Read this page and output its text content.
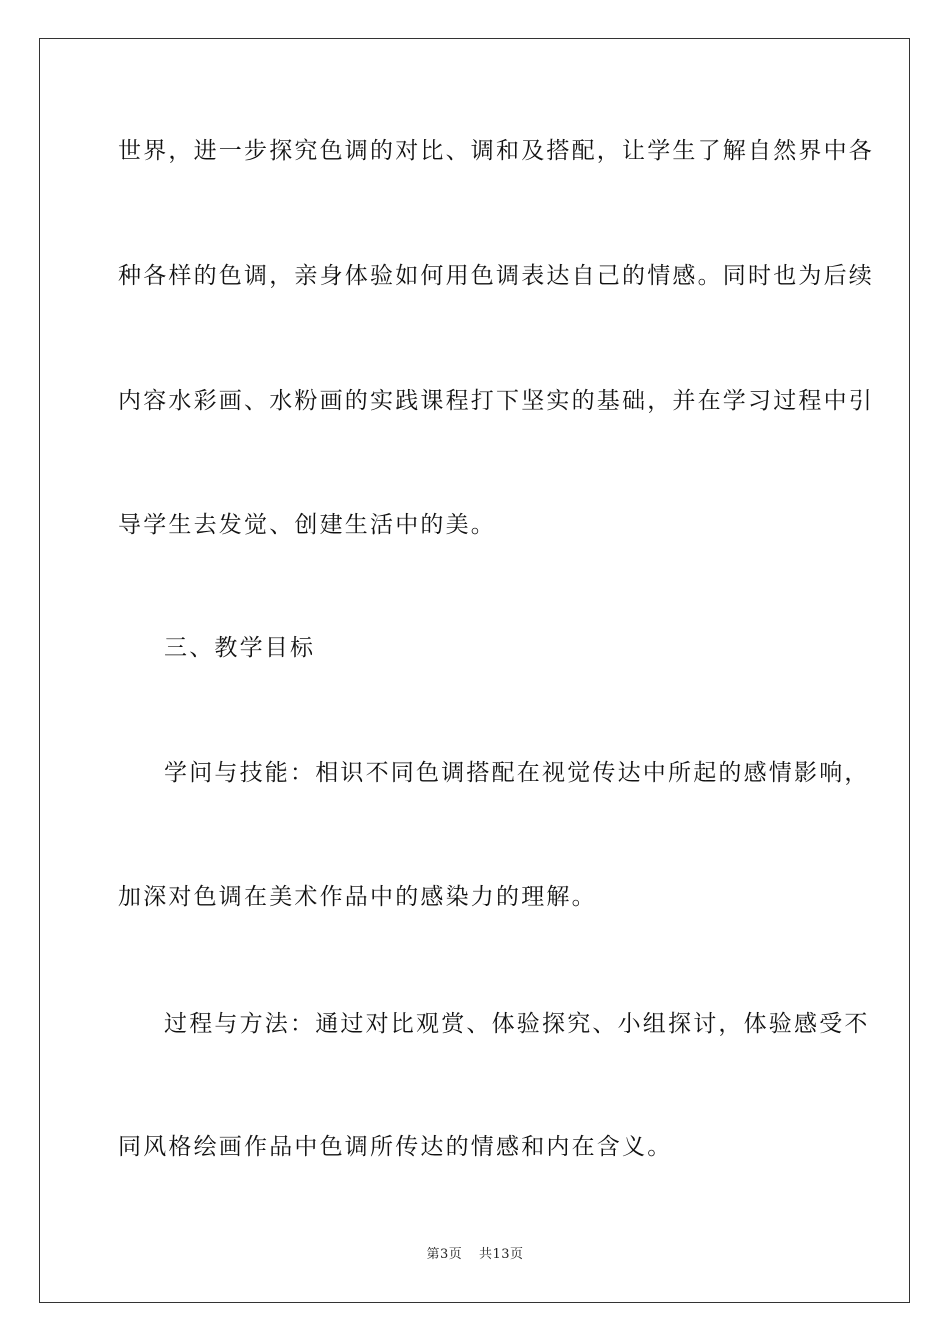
世界，进一步探究色调的对比、调和及搭配，让学生了解自然界中各
种各样的色调，亲身体验如何用色调表达自己的情感。同时也为后续
内容水彩画、水粉画的实践课程打下坚实的基础，并在学习过程中引
导学生去发觉、创建生活中的美。
三、教学目标
学问与技能：相识不同色调搭配在视觉传达中所起的感情影响，
加深对色调在美术作品中的感染力的理解。
过程与方法：通过对比观赏、体验探究、小组探讨，体验感受不
同风格绘画作品中色调所传达的情感和内在含义。
第3页 共13页
